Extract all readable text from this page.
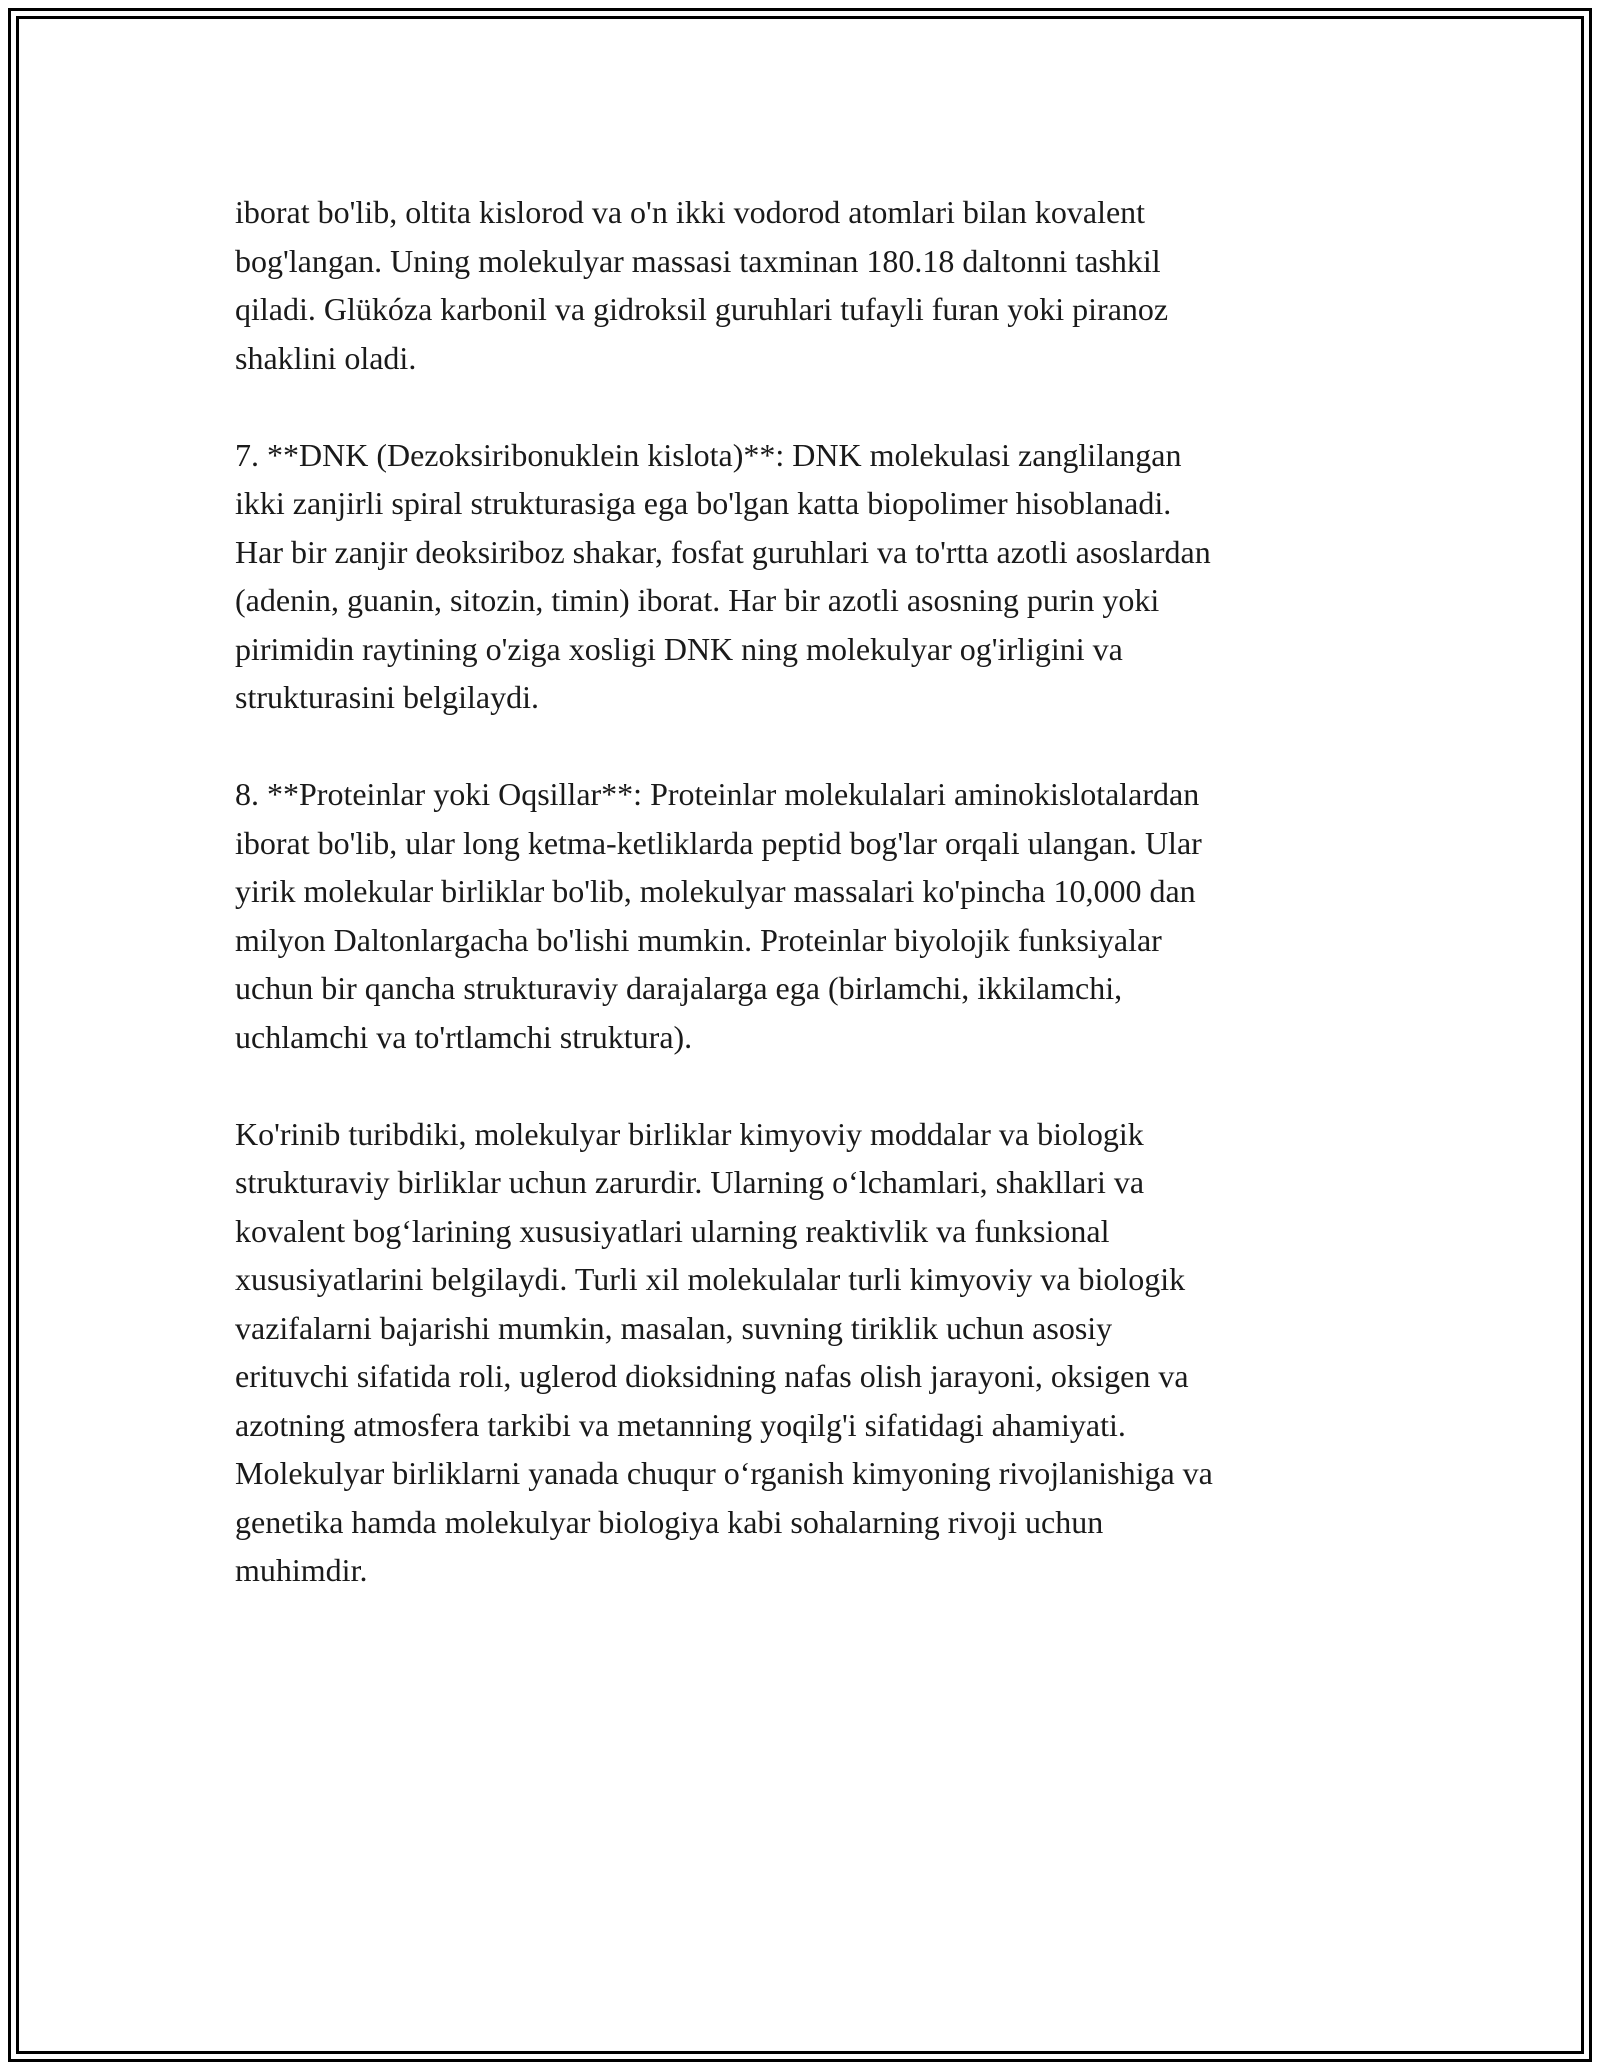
iborat bo'lib, oltita kislorod va o'n ikki vodorod atomlari bilan kovalent
bog'langan. Uning molekulyar massasi taxminan 180.18 daltonni tashkil
qiladi. Glükóza karbonil va gidroksil guruhlari tufayli furan yoki piranoz
shaklini oladi.

7. **DNK (Dezoksiribonuklein kislota)**: DNK molekulasi zanglilangan
ikki zanjirli spiral strukturasiga ega bo'lgan katta biopolimer hisoblanadi.
Har bir zanjir deoksiriboz shakar, fosfat guruhlari va to'rtta azotli asoslardan
(adenin, guanin, sitozin, timin) iborat. Har bir azotli asosning purin yoki
pirimidin raytining o'ziga xosligi DNK ning molekulyar og'irligini va
strukturasini belgilaydi.

8. **Proteinlar yoki Oqsillar**: Proteinlar molekulalari aminokislotalardan
iborat bo'lib, ular long ketma-ketliklarda peptid bog'lar orqali ulangan. Ular
yirik molekular birliklar bo'lib, molekulyar massalari ko'pincha 10,000 dan
milyon Daltonlargacha bo'lishi mumkin. Proteinlar biyolojik funksiyalar
uchun bir qancha strukturaviy darajalarga ega (birlamchi, ikkilamchi,
uchlamchi va to'rtlamchi struktura).

Ko'rinib turibdiki, molekulyar birliklar kimyoviy moddalar va biologik
strukturaviy birliklar uchun zarurdir. Ularning o‘lchamlari, shakllari va
kovalent bog‘larining xususiyatlari ularning reaktivlik va funksional
xususiyatlarini belgilaydi. Turli xil molekulalar turli kimyoviy va biologik
vazifalarni bajarishi mumkin, masalan, suvning tiriklik uchun asosiy
erituvchi sifatida roli, uglerod dioksidning nafas olish jarayoni, oksigen va
azotning atmosfera tarkibi va metanning yoqilg'i sifatidagi ahamiyati.
Molekulyar birliklarni yanada chuqur o‘rganish kimyoning rivojlanishiga va
genetika hamda molekulyar biologiya kabi sohalarning rivoji uchun
muhimdir.
